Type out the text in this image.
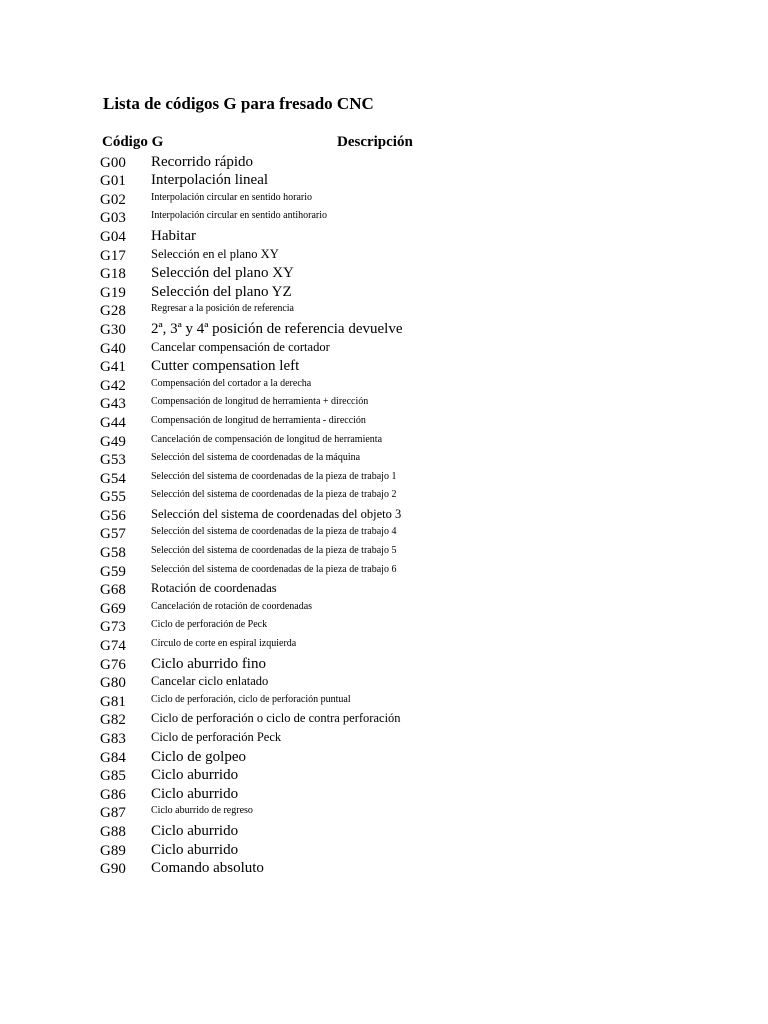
Lista de códigos G para fresado CNC
Código G	Descripción
G00 Recorrido rápido
G01 Interpolación lineal
G02	Interpolación circular en sentido horario
G03	Interpolación circular en sentido antihorario
G04 Habitar
G17 Selección en el plano XY
G18 Selección del plano XY
G19 Selección del plano YZ
G28	Regresar a la posición de referencia
G30 2ª, 3ª y 4ª posición de referencia devuelve
G40 Cancelar compensación de cortador
G41 Cutter compensation left
G42	Compensación del cortador a la derecha
G43	Compensación de longitud de herramienta + dirección
G44	Compensación de longitud de herramienta - dirección
G49	Cancelación de compensación de longitud de herramienta
G53	Selección del sistema de coordenadas de la máquina
G54	Selección del sistema de coordenadas de la pieza de trabajo 1
G55	Selección del sistema de coordenadas de la pieza de trabajo 2
G56 Selección del sistema de coordenadas del objeto 3
G57	Selección del sistema de coordenadas de la pieza de trabajo 4
G58	Selección del sistema de coordenadas de la pieza de trabajo 5
G59	Selección del sistema de coordenadas de la pieza de trabajo 6
G68 Rotación de coordenadas
G69	Cancelación de rotación de coordenadas
G73	Ciclo de perforación de Peck
G74	Círculo de corte en espiral izquierda
G76 Ciclo aburrido fino
G80 Cancelar ciclo enlatado
G81	Ciclo de perforación, ciclo de perforación puntual
G82 Ciclo de perforación o ciclo de contra perforación
G83 Ciclo de perforación Peck
G84 Ciclo de golpeo
G85 Ciclo aburrido
G86 Ciclo aburrido
G87	Ciclo aburrido de regreso
G88 Ciclo aburrido
G89 Ciclo aburrido
G90 Comando absoluto
